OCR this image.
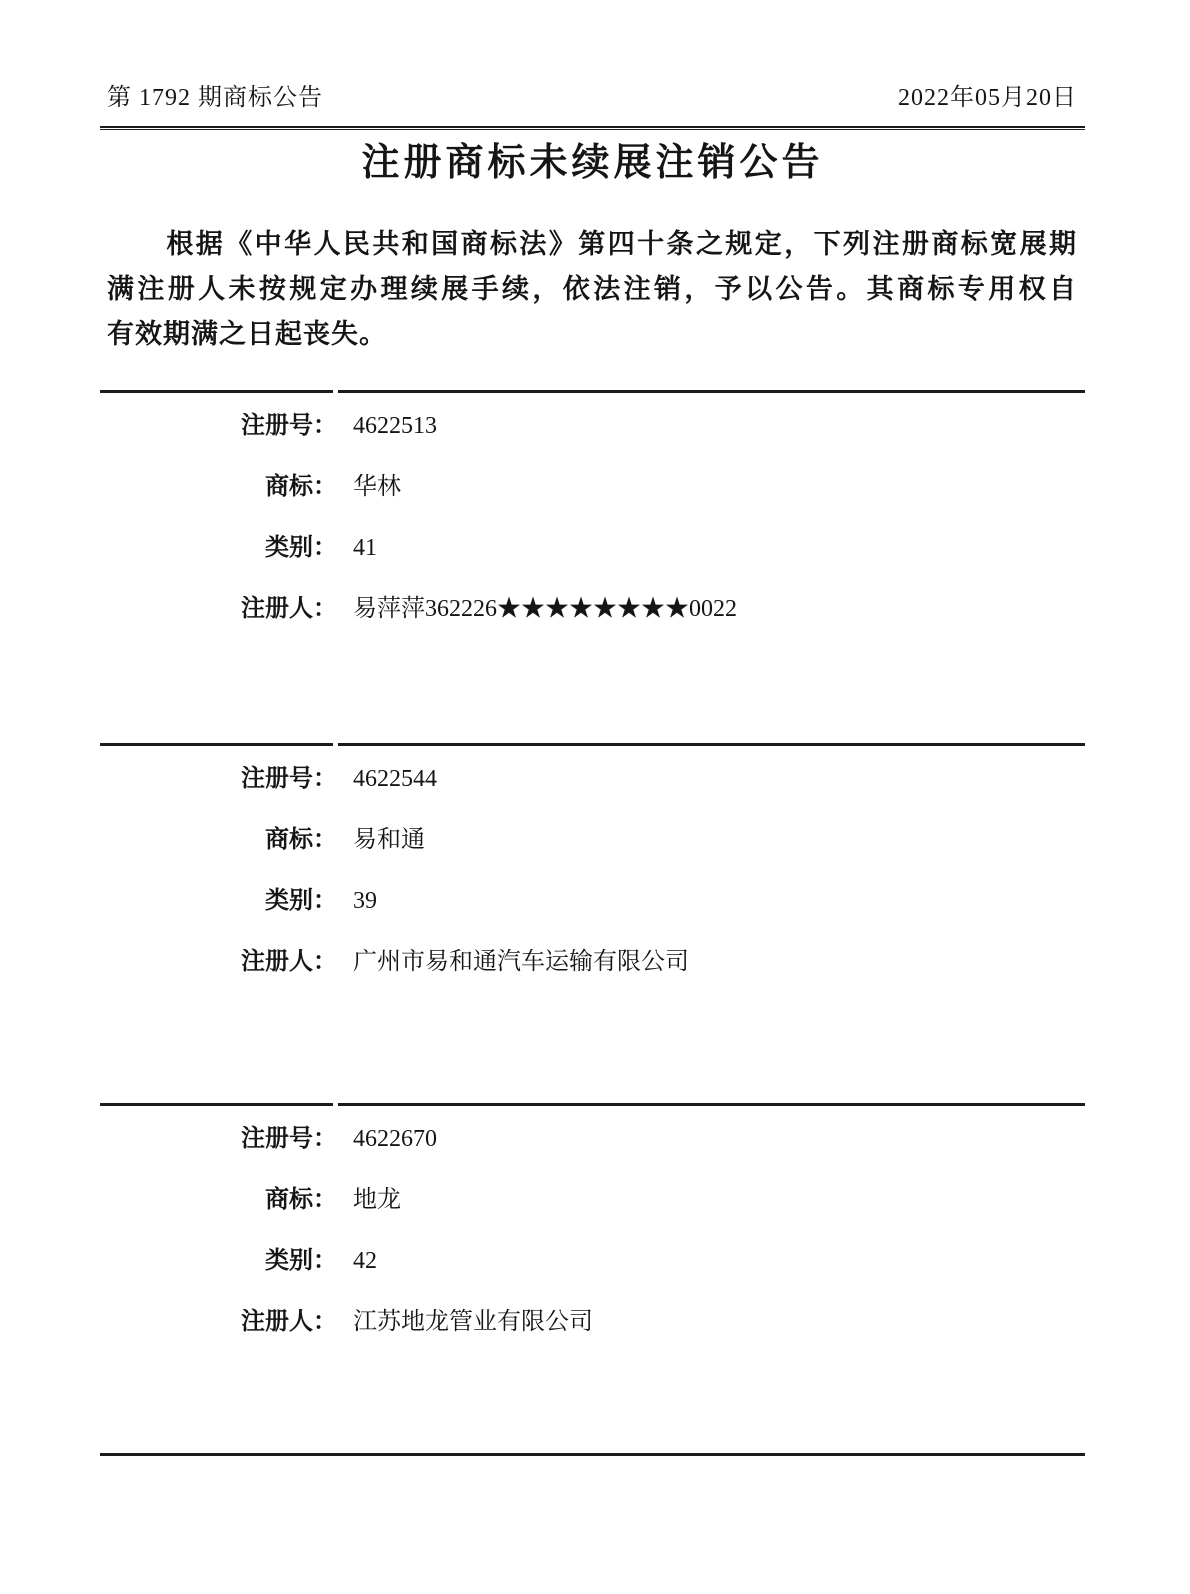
第 1792 期商标公告	2022年05月20日
注册商标未续展注销公告
根据《中华人民共和国商标法》第四十条之规定，下列注册商标宽展期
满注册人未按规定办理续展手续，依法注销，予以公告。其商标专用权自
有效期满之日起丧失。
注册号： 4622513
商标： 华林
类别： 41
注册人： 易萍萍362226★★★★★★★★0022
注册号： 4622544
商标： 易和通
类别： 39
注册人： 广州市易和通汽车运输有限公司
注册号： 4622670
商标： 地龙
类别： 42
注册人： 江苏地龙管业有限公司
